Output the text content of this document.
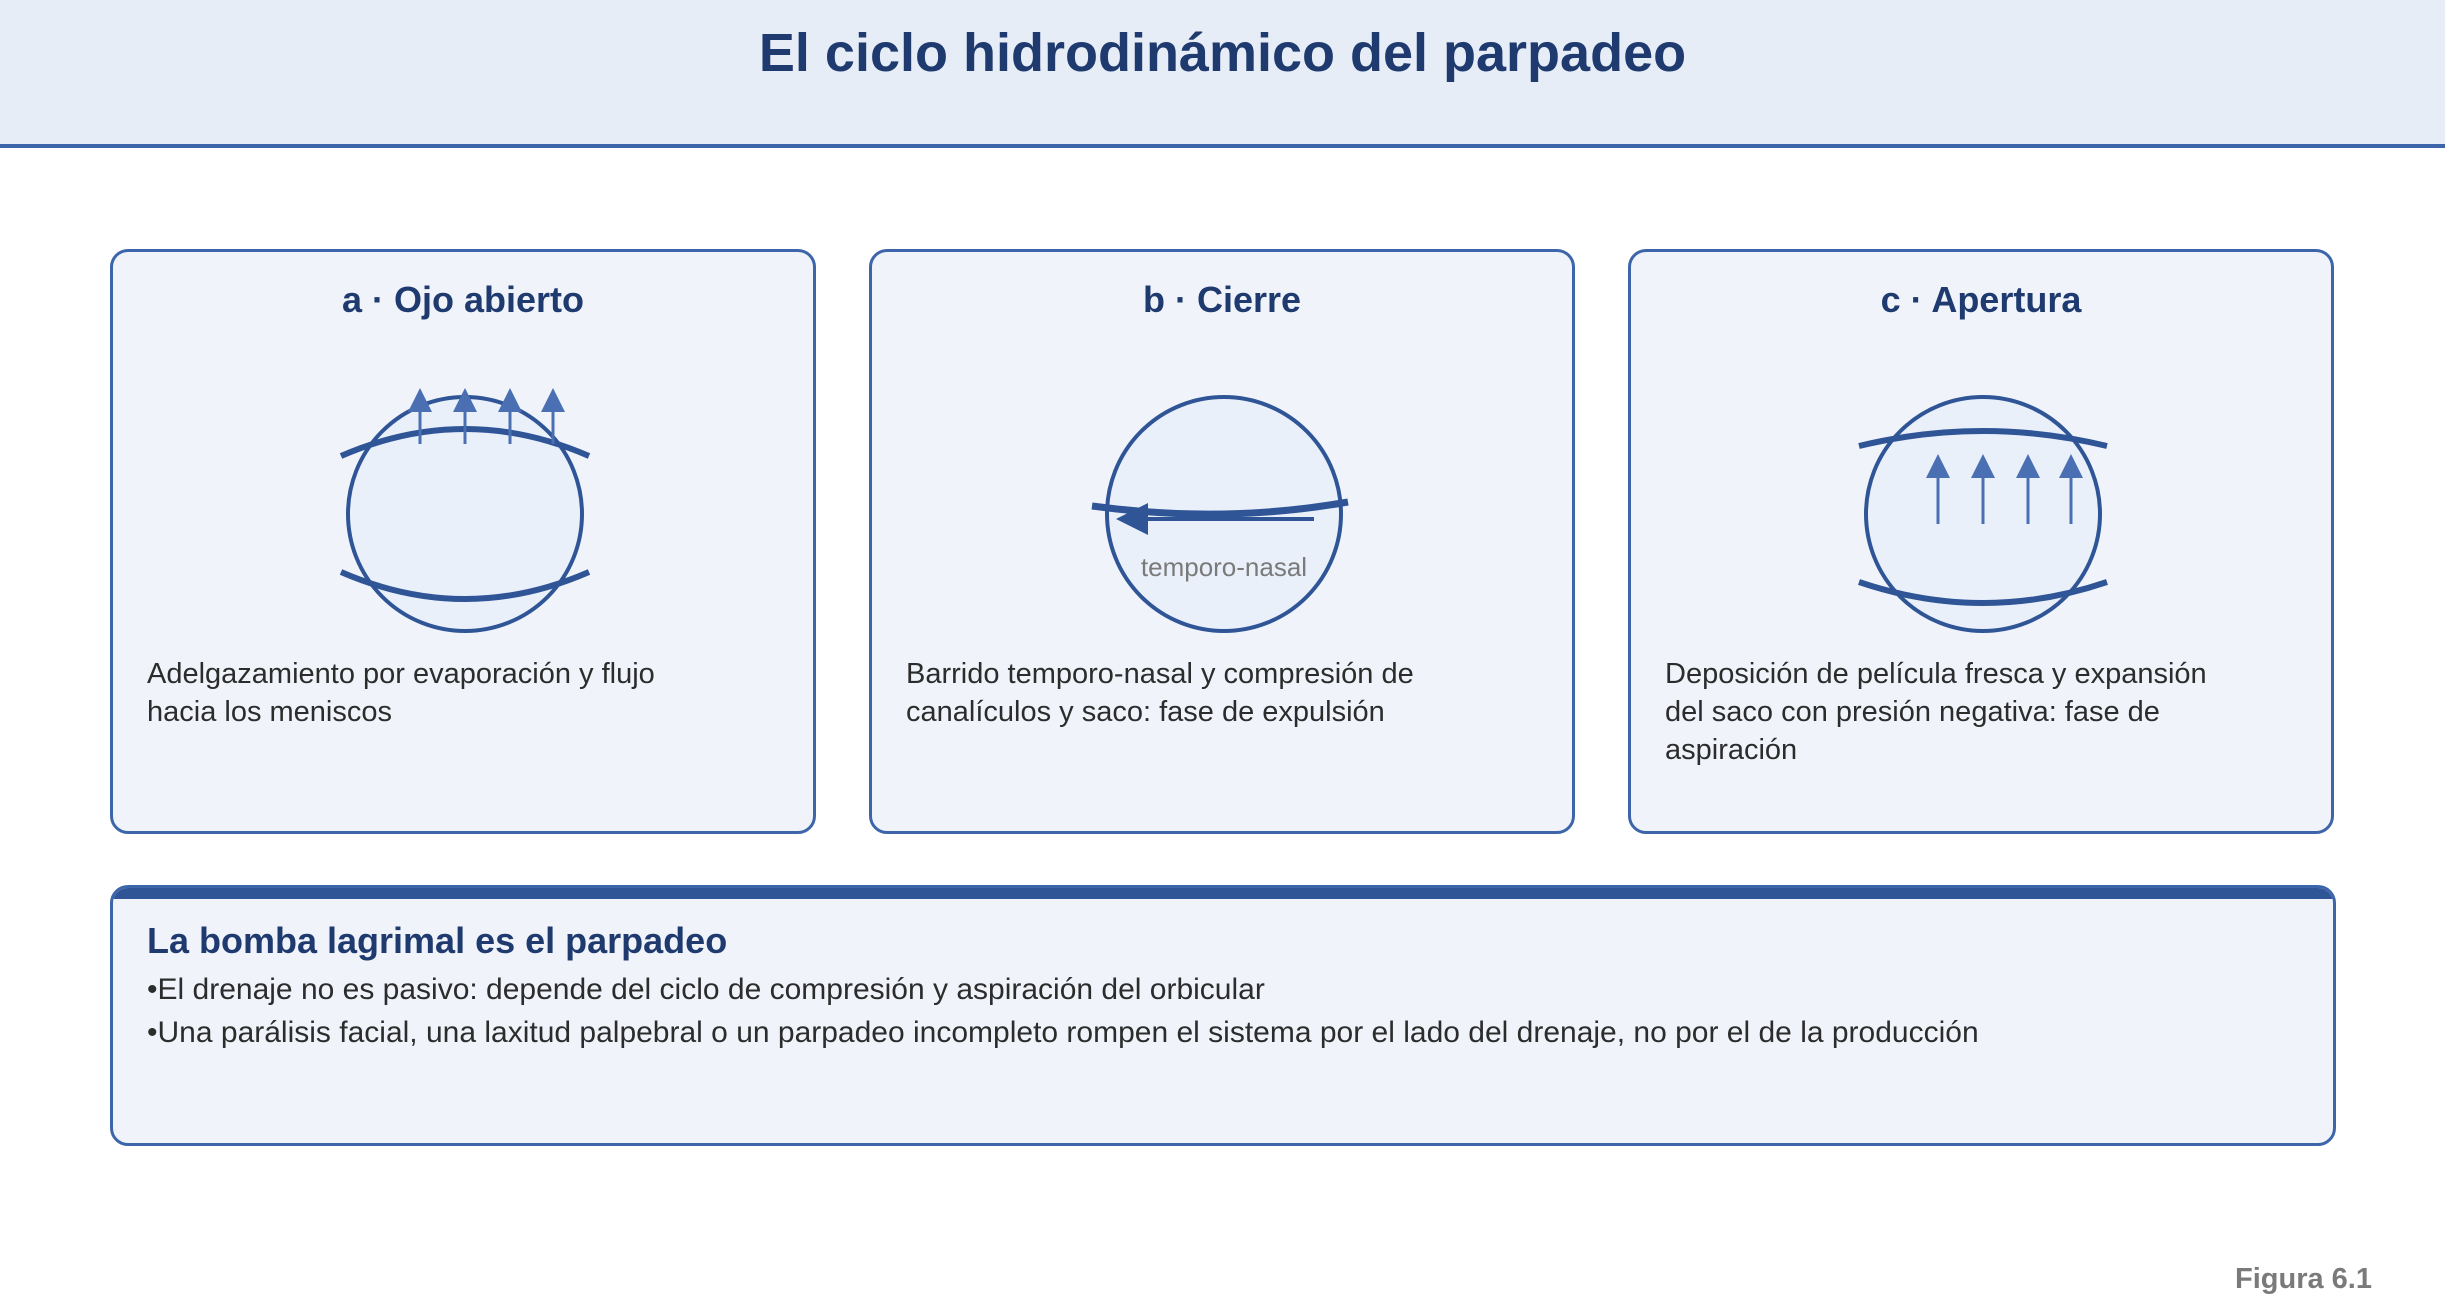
El ciclo hidrodinámico del parpadeo
a · Ojo abierto
Adelgazamiento por evaporación y flujo hacia los meniscos
b · Cierre
temporo-nasal
Barrido temporo-nasal y compresión de canalículos y saco: fase de expulsión
c · Apertura
Deposición de película fresca y expansión del saco con presión negativa: fase de aspiración
La bomba lagrimal es el parpadeo
• El drenaje no es pasivo: depende del ciclo de compresión y aspiración del orbicular
• Una parálisis facial, una laxitud palpebral o un parpadeo incompleto rompen el sistema por el lado del drenaje, no por el de la producción
Figura 6.1
